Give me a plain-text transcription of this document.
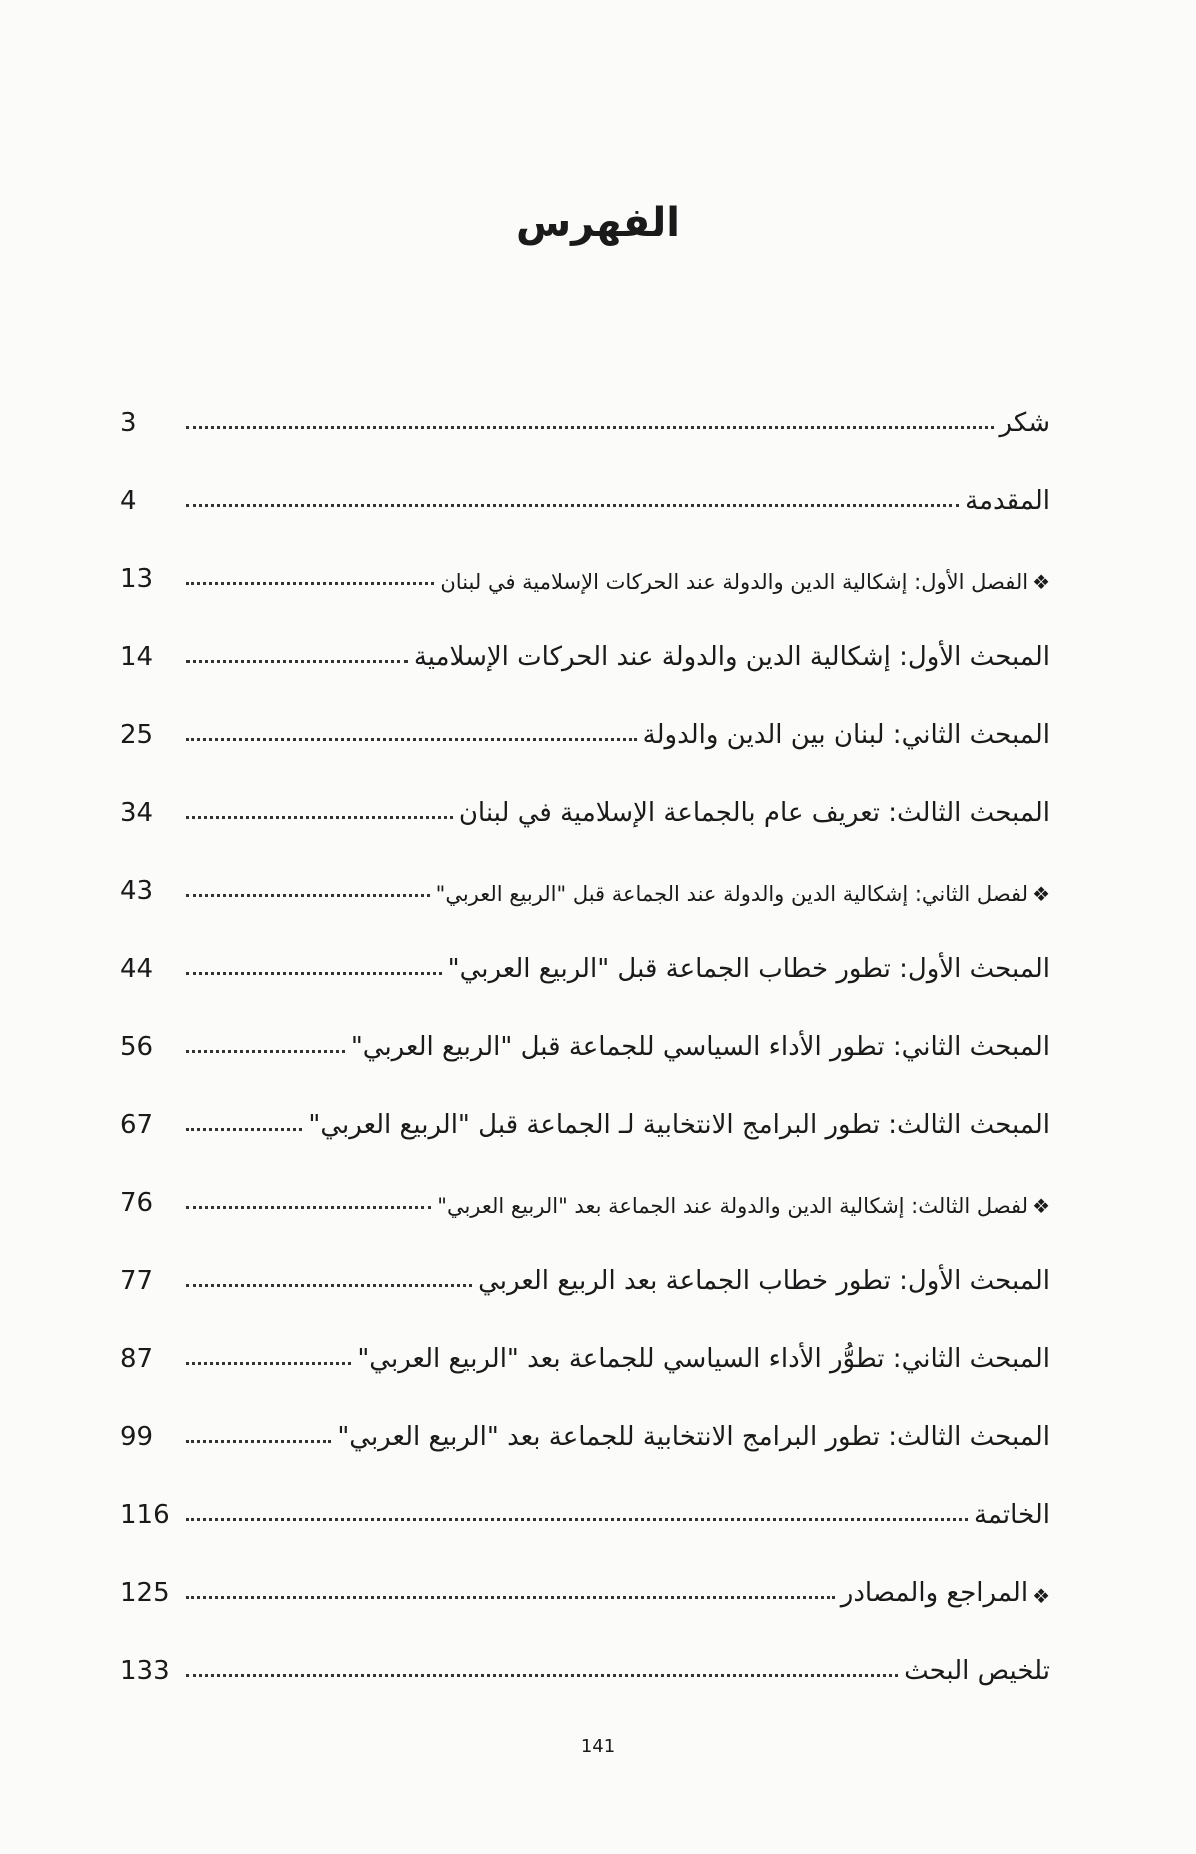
الفهرس
شكر
3
المقدمة
4
❖
الفصل الأول: إشكالية الدين والدولة عند الحركات الإسلامية في لبنان
13
المبحث الأول: إشكالية الدين والدولة عند الحركات الإسلامية
14
المبحث الثاني: لبنان بين الدين والدولة
25
المبحث الثالث: تعريف عام بالجماعة الإسلامية في لبنان
34
❖
لفصل الثاني: إشكالية الدين والدولة عند الجماعة قبل "الربيع العربي"
43
المبحث الأول: تطور خطاب الجماعة قبل "الربيع العربي"
44
المبحث الثاني: تطور الأداء السياسي للجماعة قبل "الربيع العربي"
56
المبحث الثالث: تطور البرامج الانتخابية لـ الجماعة قبل "الربيع العربي"
67
❖
لفصل الثالث: إشكالية الدين والدولة عند الجماعة بعد "الربيع العربي"
76
المبحث الأول: تطور خطاب الجماعة بعد الربيع العربي
77
المبحث الثاني: تطوُّر الأداء السياسي للجماعة بعد "الربيع العربي"
87
المبحث الثالث: تطور البرامج الانتخابية للجماعة بعد "الربيع العربي"
99
الخاتمة
116
❖
المراجع والمصادر
125
تلخيص البحث
133
141
